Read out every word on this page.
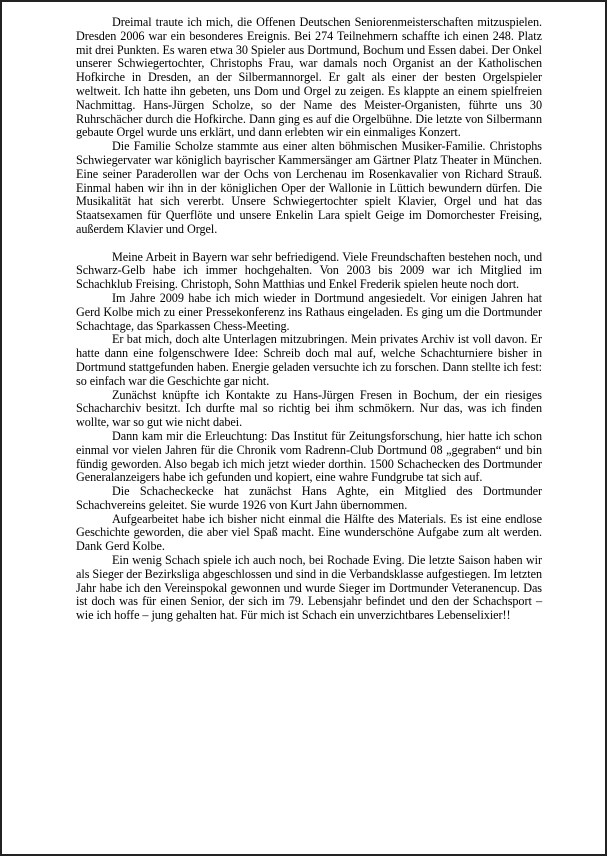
Dreimal traute ich mich, die Offenen Deutschen Seniorenmeisterschaften mitzuspielen. Dresden 2006 war ein besonderes Ereignis. Bei 274 Teilnehmern schaffte ich einen 248. Platz mit drei Punkten. Es waren etwa 30 Spieler aus Dortmund, Bochum und Essen dabei. Der Onkel unserer Schwiegertochter, Christophs Frau, war damals noch Organist an der Katholischen Hofkirche in Dresden, an der Silbermannorgel. Er galt als einer der besten Orgelspieler weltweit. Ich hatte ihn gebeten, uns Dom und Orgel zu zeigen. Es klappte an einem spielfreien Nachmittag. Hans-Jürgen Scholze, so der Name des Meister-Organisten, führte uns 30 Ruhrschächer durch die Hofkirche. Dann ging es auf die Orgelbühne. Die letzte von Silbermann gebaute Orgel wurde uns erklärt, und dann erlebten wir ein einmaliges Konzert.

Die Familie Scholze stammte aus einer alten böhmischen Musiker-Familie. Christophs Schwiegervater war königlich bayrischer Kammersänger am Gärtner Platz Theater in München. Eine seiner Paraderollen war der Ochs von Lerchenau im Rosenkavalier von Richard Strauß. Einmal haben wir ihn in der königlichen Oper der Wallonie in Lüttich bewundern dürfen. Die Musikalität hat sich vererbt. Unsere Schwiegertochter spielt Klavier, Orgel und hat das Staatsexamen für Querflöte und unsere Enkelin Lara spielt Geige im Domorchester Freising, außerdem Klavier und Orgel.

Meine Arbeit in Bayern war sehr befriedigend. Viele Freundschaften bestehen noch, und Schwarz-Gelb habe ich immer hochgehalten. Von 2003 bis 2009 war ich Mitglied im Schachklub Freising. Christoph, Sohn Matthias und Enkel Frederik spielen heute noch dort.

Im Jahre 2009 habe ich mich wieder in Dortmund angesiedelt. Vor einigen Jahren hat Gerd Kolbe mich zu einer Pressekonferenz ins Rathaus eingeladen. Es ging um die Dortmunder Schachtage, das Sparkassen Chess-Meeting.

Er bat mich, doch alte Unterlagen mitzubringen. Mein privates Archiv ist voll davon. Er hatte dann eine folgenschwere Idee: Schreib doch mal auf, welche Schachturniere bisher in Dortmund stattgefunden haben. Energie geladen versuchte ich zu forschen. Dann stellte ich fest: so einfach war die Geschichte gar nicht.

Zunächst knüpfte ich Kontakte zu Hans-Jürgen Fresen in Bochum, der ein riesiges Schacharchiv besitzt. Ich durfte mal so richtig bei ihm schmökern. Nur das, was ich finden wollte, war so gut wie nicht dabei.

Dann kam mir die Erleuchtung: Das Institut für Zeitungsforschung, hier hatte ich schon einmal vor vielen Jahren für die Chronik vom Radrenn-Club Dortmund 08 „gegraben“ und bin fündig geworden. Also begab ich mich jetzt wieder dorthin. 1500 Schachecken des Dortmunder Generalanzeigers habe ich gefunden und kopiert, eine wahre Fundgrube tat sich auf.

Die Schacheckecke hat zunächst Hans Aghte, ein Mitglied des Dortmunder Schachvereins geleitet. Sie wurde 1926 von Kurt Jahn übernommen.

Aufgearbeitet habe ich bisher nicht einmal die Hälfte des Materials. Es ist eine endlose Geschichte geworden, die aber viel Spaß macht. Eine wunderschöne Aufgabe zum alt werden. Dank Gerd Kolbe.

Ein wenig Schach spiele ich auch noch, bei Rochade Eving. Die letzte Saison haben wir als Sieger der Bezirksliga abgeschlossen und sind in die Verbandsklasse aufgestiegen. Im letzten Jahr habe ich den Vereinspokal gewonnen und wurde Sieger im Dortmunder Veteranencup. Das ist doch was für einen Senior, der sich im 79. Lebensjahr befindet und den der Schachsport – wie ich hoffe – jung gehalten hat. Für mich ist Schach ein unverzichtbares Lebenselixier!!
